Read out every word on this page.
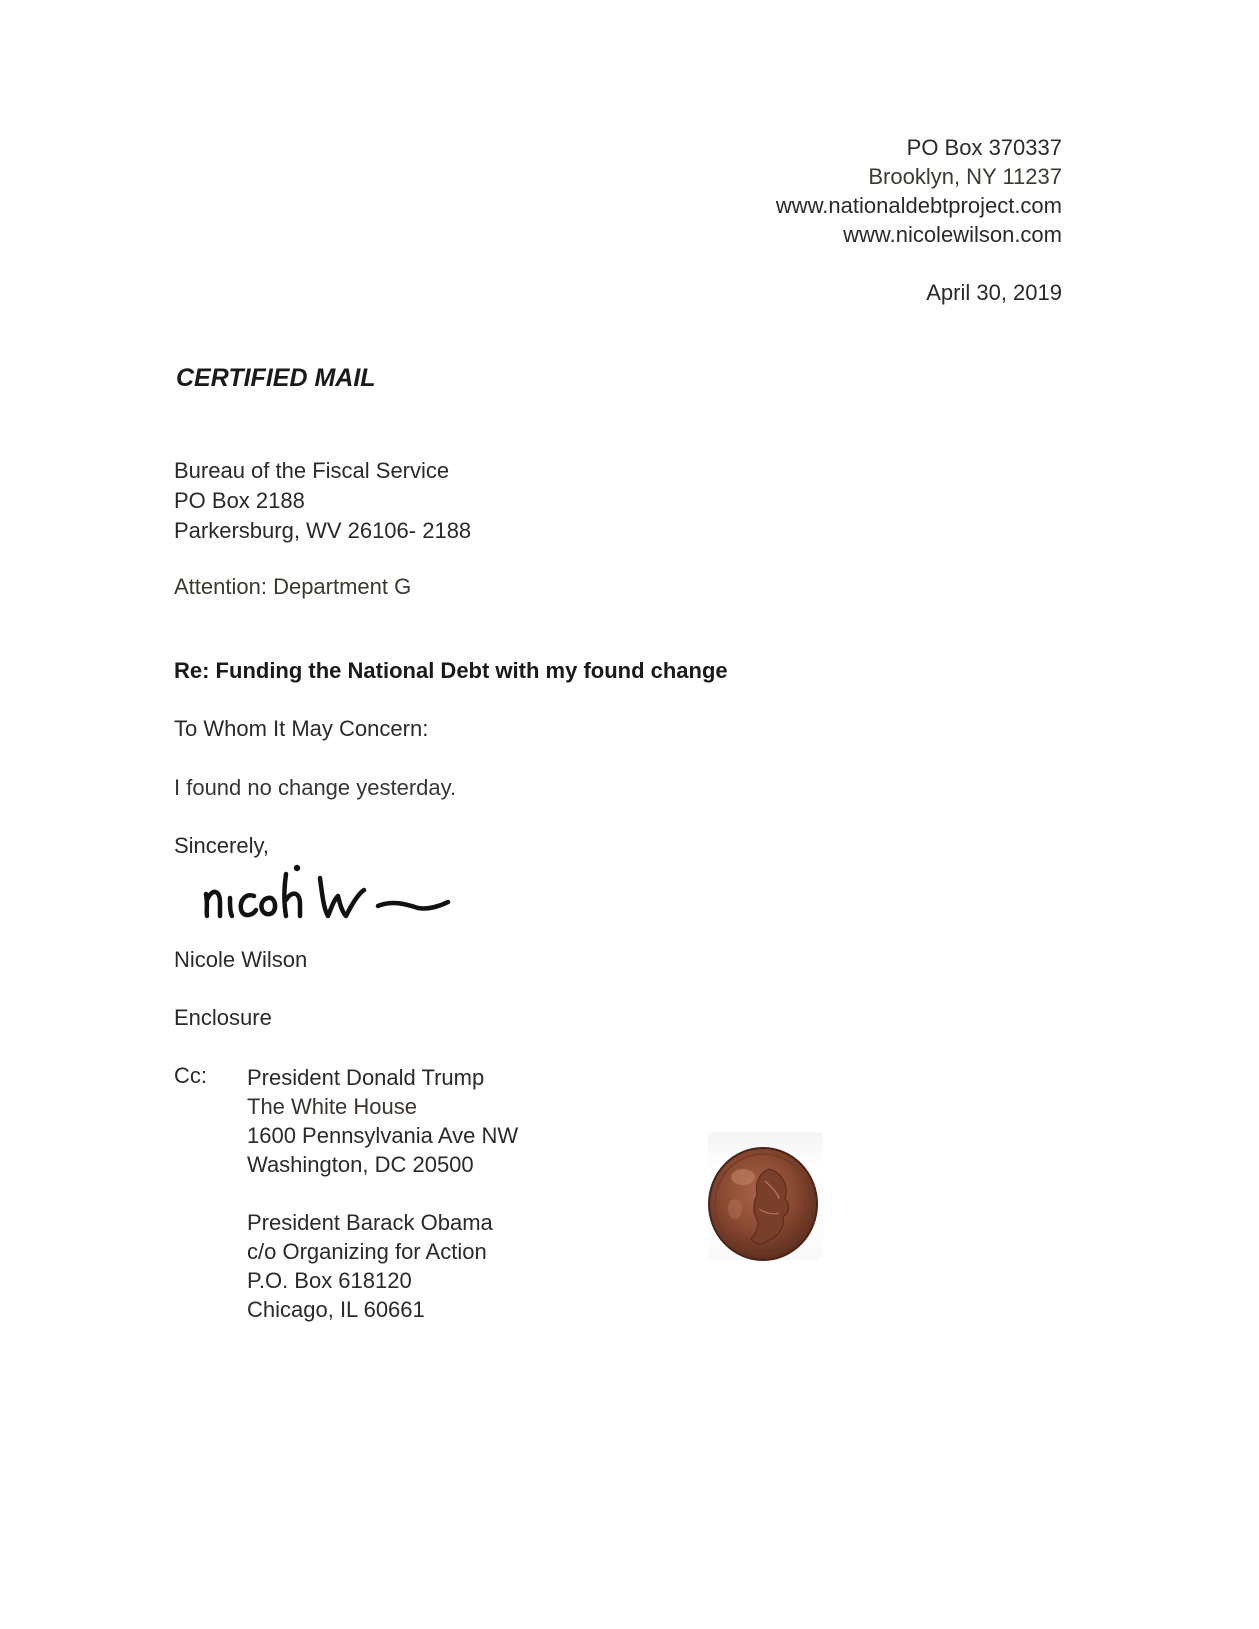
PO Box 370337
Brooklyn, NY 11237
www.nationaldebtproject.com
www.nicolewilson.com
April 30, 2019
CERTIFIED MAIL
Bureau of the Fiscal Service
PO Box 2188
Parkersburg, WV 26106- 2188
Attention: Department G
Re: Funding the National Debt with my found change
To Whom It May Concern:
I found no change yesterday.
Sincerely,
Nicole Wilson
Enclosure
Cc: President Donald Trump
The White House
1600 Pennsylvania Ave NW
Washington, DC 20500
President Barack Obama
c/o Organizing for Action
P.O. Box 618120
Chicago, IL 60661
